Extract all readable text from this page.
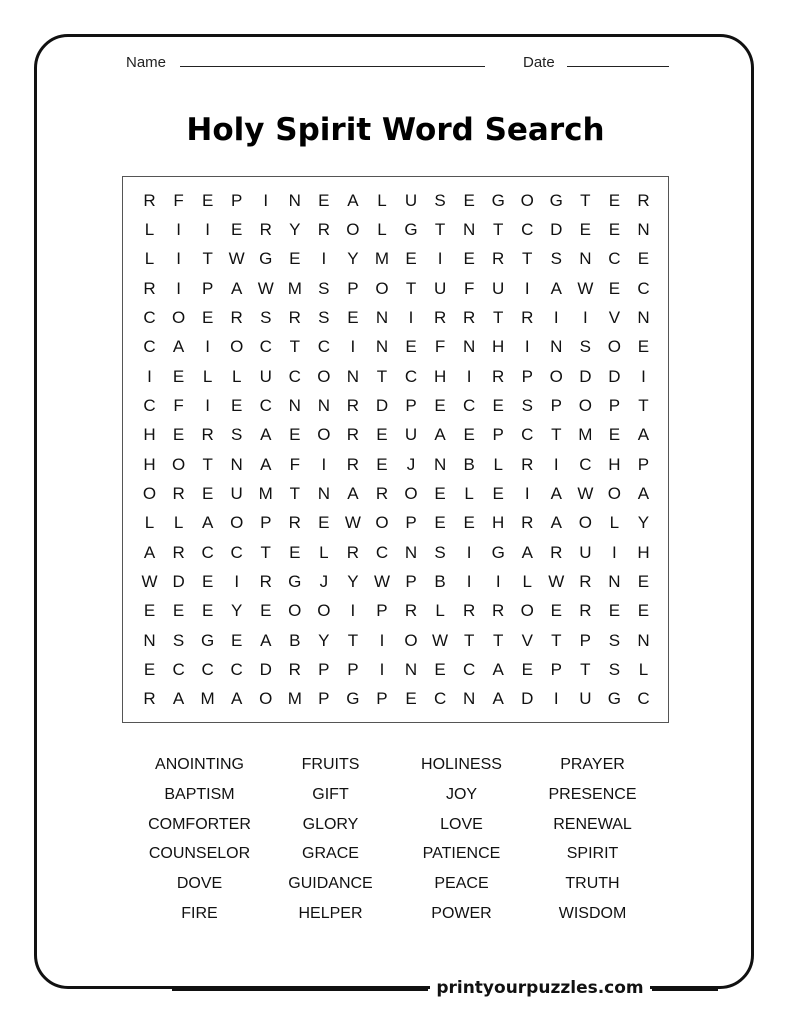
Name	Date
Holy Spirit Word Search
R	F	E	P	I	N	E	A	L	U	S	E G O G	T	E	R
L	I	I	E	R	Y	R O	L	G	T	N	T	C D	E	E	N
L	I	T W G E	I	Y M E	I	E	R	T	S	N C	E
R	I	P	A W M S	P O	T	U	F	U	I	A W E	C
C O E	R	S	R	S	E	N	I	R R	T	R	I	I	V	N
C	A	I	O C	T	C	I	N	E	F	N H	I	N	S O E
I	E	L	L	U C O N	T	C H	I	R	P O D D	I
C	F	I	E	C N N R D	P	E	C	E	S	P O P	T
H	E	R	S	A	E O R	E	U	A	E	P	C	T M E	A
H O	T	N	A	F	I	R	E	J	N	B	L	R	I	C H	P
O R	E	U M T	N	A	R O E	L	E	I	A W O A
L	L	A O P	R	E W O P	E	E	H R	A O	L	Y
A	R C C	T	E	L	R C N	S	I	G A	R U	I	H
W D	E	I	R G	J	Y W P	B	I	I	L W R N	E
E	E	E	Y	E O O	I	P	R	L	R R O E	R	E	E
N	S G E	A	B	Y	T	I	O W T	T	V	T	P	S	N
E	C C C D R	P	P	I	N	E	C	A	E	P	T	S	L
R	A M A O M P G P	E	C N	A	D	I	U G C
ANOINTING	FRUITS	HOLINESS	PRAYER
BAPTISM	GIFT	JOY	PRESENCE
COMFORTER	GLORY	LOVE	RENEWAL
COUNSELOR	GRACE	PATIENCE	SPIRIT
DOVE	GUIDANCE	PEACE	TRUTH
FIRE	HELPER	POWER	WISDOM
printyourpuzzles.com
